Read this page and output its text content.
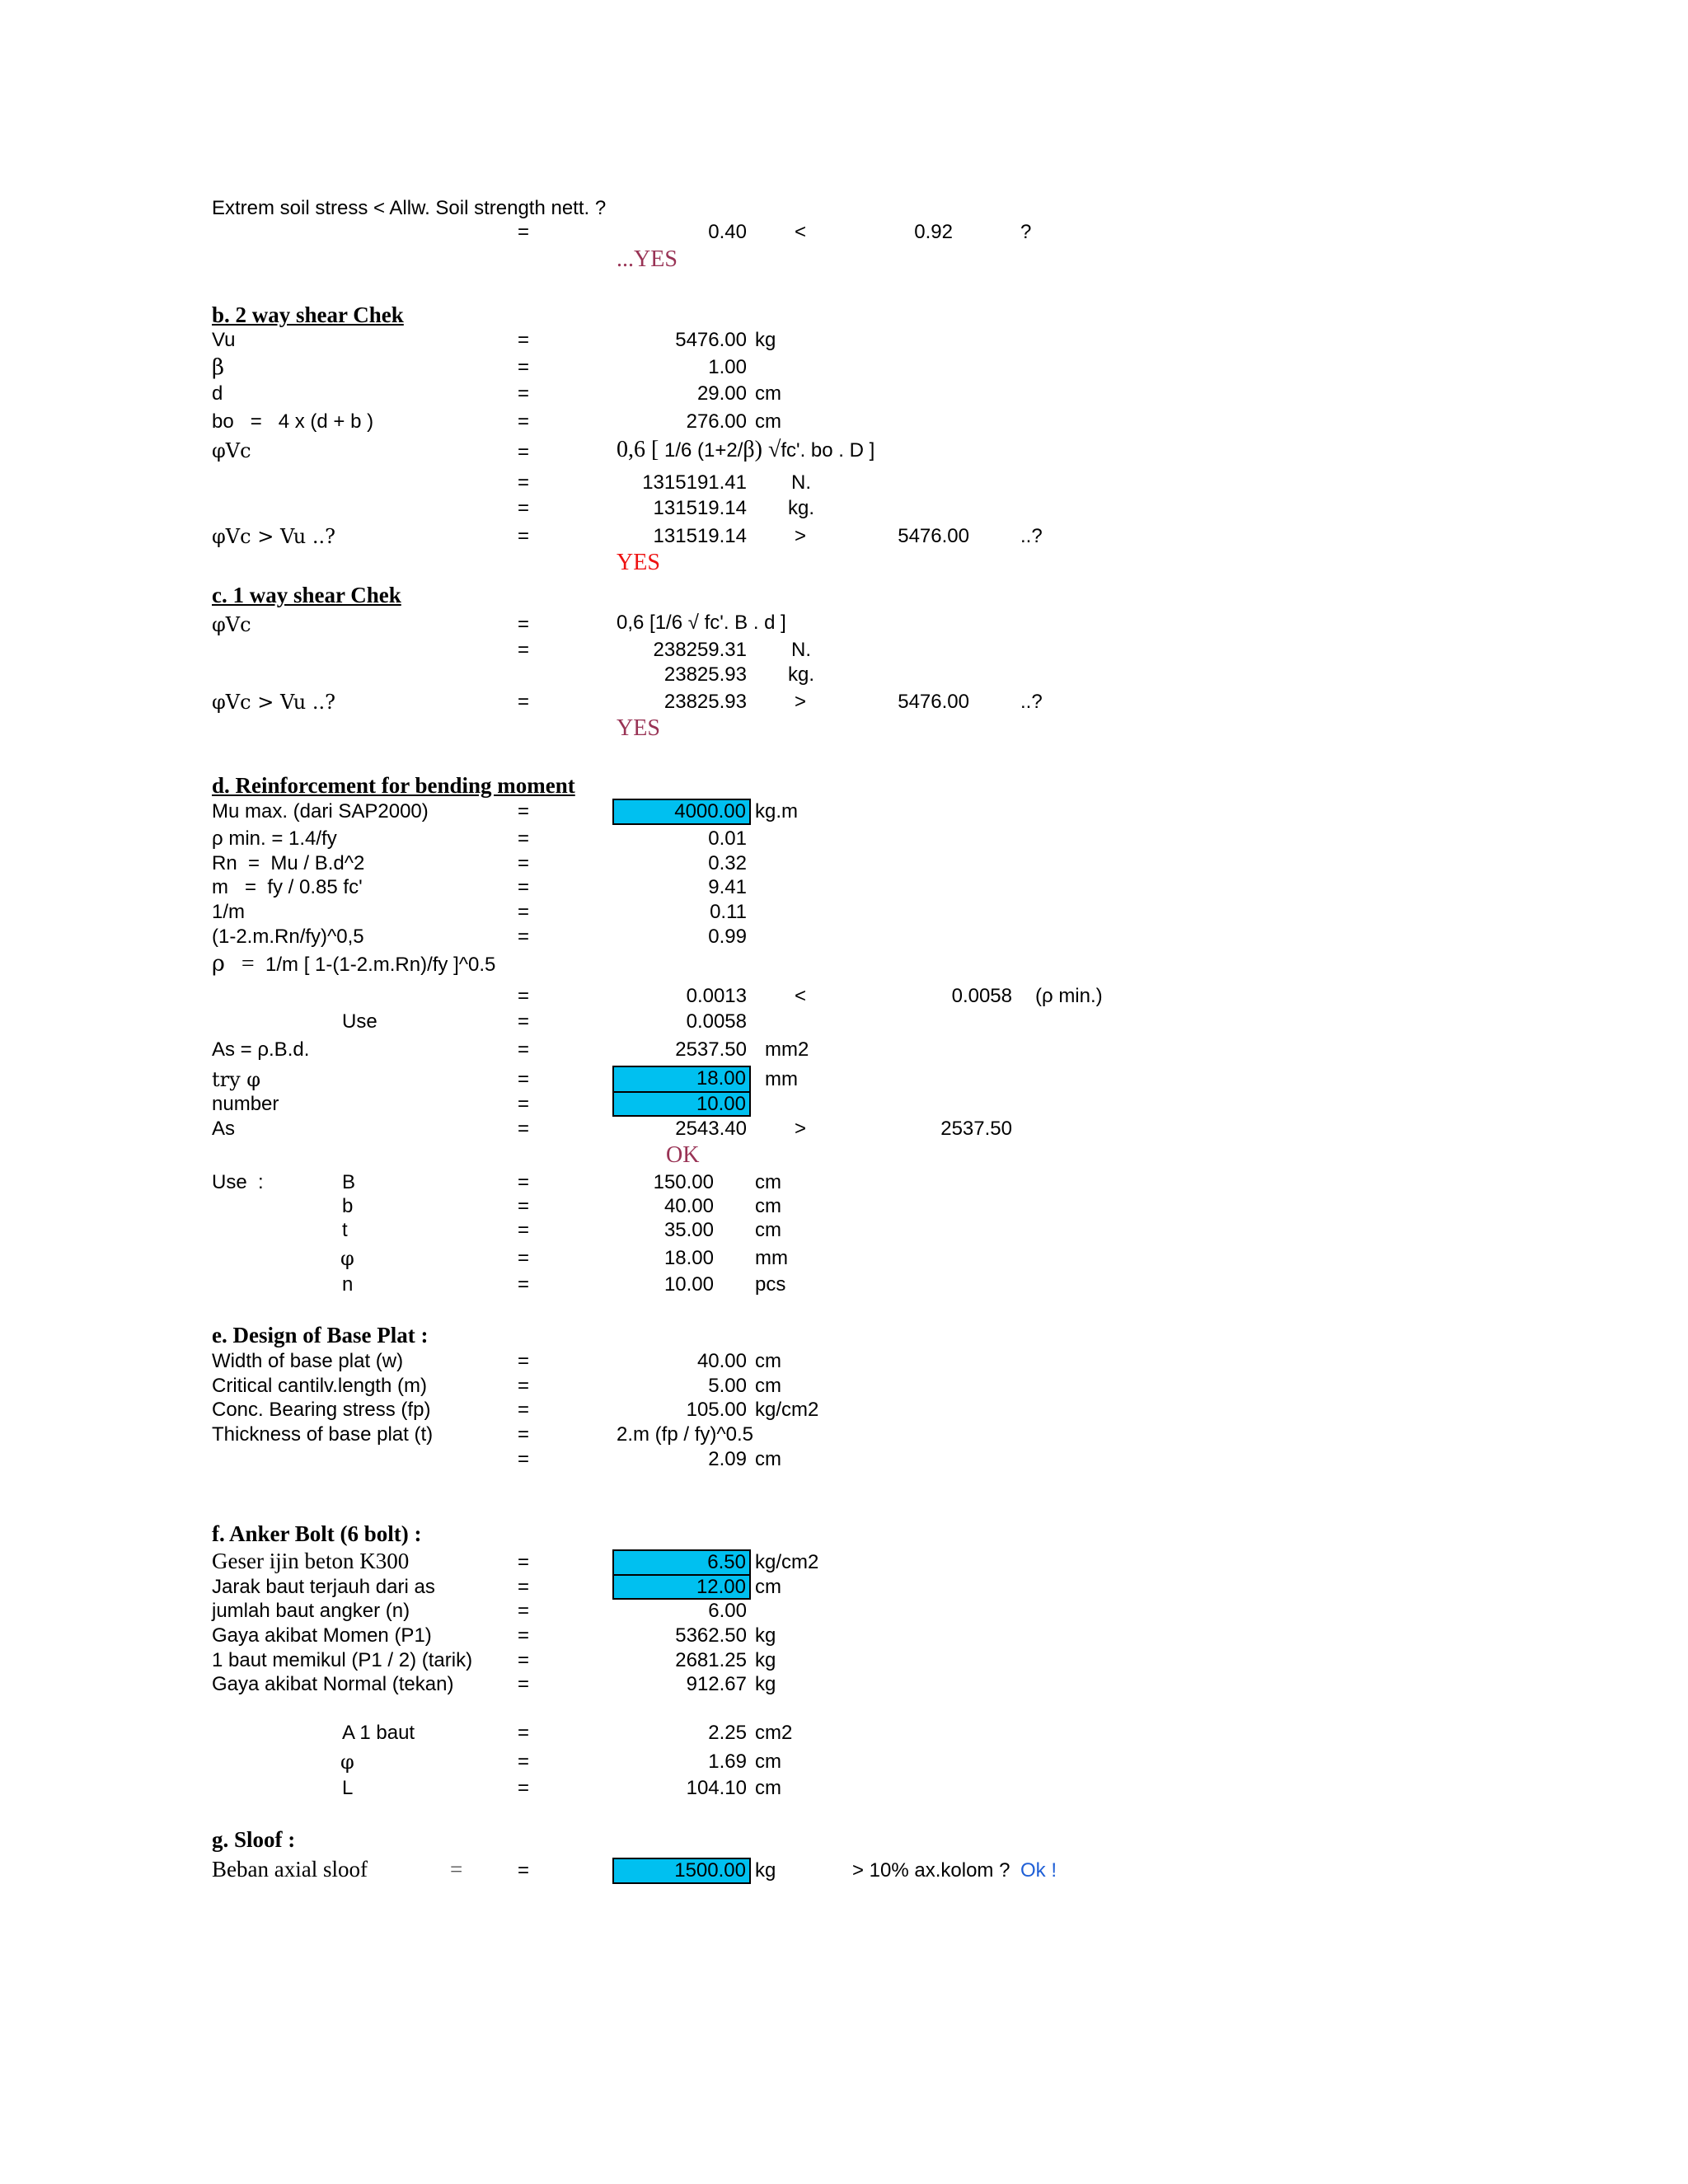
Extrem soil stress < Allw. Soil strength nett. ?
=	0.40 <	0.92	?
...YES
b. 2 way shear Chek
Vu	=	5476.00 kg
β	=	1.00
d	=	29.00 cm
bo   =   4 x (d + b )	=	276.00 cm
φVc	=	0,6 [ 1/6 (1+2/β) √fc'. bo . D ]
=	1315191.41 N.
=	131519.14 kg.
φVc > Vu ..?	=	131519.14 >	5476.00	..?
YES
c. 1 way shear Chek
φVc	=	0,6 [1/6 √ fc'. B . d ]
=	238259.31 N.
23825.93 kg.
φVc > Vu ..?	=	23825.93 >	5476.00	..?
YES
d. Reinforcement for bending moment
Mu max. (dari SAP2000)	=	4000.00 kg.m
ρ min. = 1.4/fy	=	0.01
Rn  =  Mu / B.d^2	=	0.32
m   =  fy / 0.85 fc'	=	9.41
1/m	=	0.11
(1-2.m.Rn/fy)^0,5	=	0.99
ρ = 1/m [ 1-(1-2.m.Rn)/fy ]^0.5
=	0.0013 <	0.0058 (ρ min.)
Use	=	0.0058
As = ρ.B.d.	=	2537.50 mm2
try φ	=	18.00 mm
number	=	10.00
As	=	2543.40 >	2537.50
OK
Use  :	B	=	150.00 cm
b	=	40.00 cm
t	=	35.00 cm
φ	=	18.00 mm
n	=	10.00 pcs
e. Design of Base Plat :
Width of base plat (w)	=	40.00 cm
Critical cantilv.length (m)	=	5.00 cm
Conc. Bearing stress (fp)	=	105.00 kg/cm2
Thickness of base plat (t)	=	2.m (fp / fy)^0.5
=	2.09 cm
f. Anker Bolt (6 bolt) :
Geser ijin beton K300	=	6.50 kg/cm2
Jarak baut terjauh dari as	=	12.00 cm
jumlah baut angker (n)	=	6.00
Gaya akibat Momen (P1)	=	5362.50 kg
1 baut memikul (P1 / 2) (tarik) =	2681.25 kg
Gaya akibat Normal (tekan)	=	912.67 kg
A 1 baut	=	2.25 cm2
φ	=	1.69 cm
L	=	104.10 cm
g. Sloof :
Beban axial sloof	=	=	1500.00 kg	> 10% ax.kolom ? Ok !
